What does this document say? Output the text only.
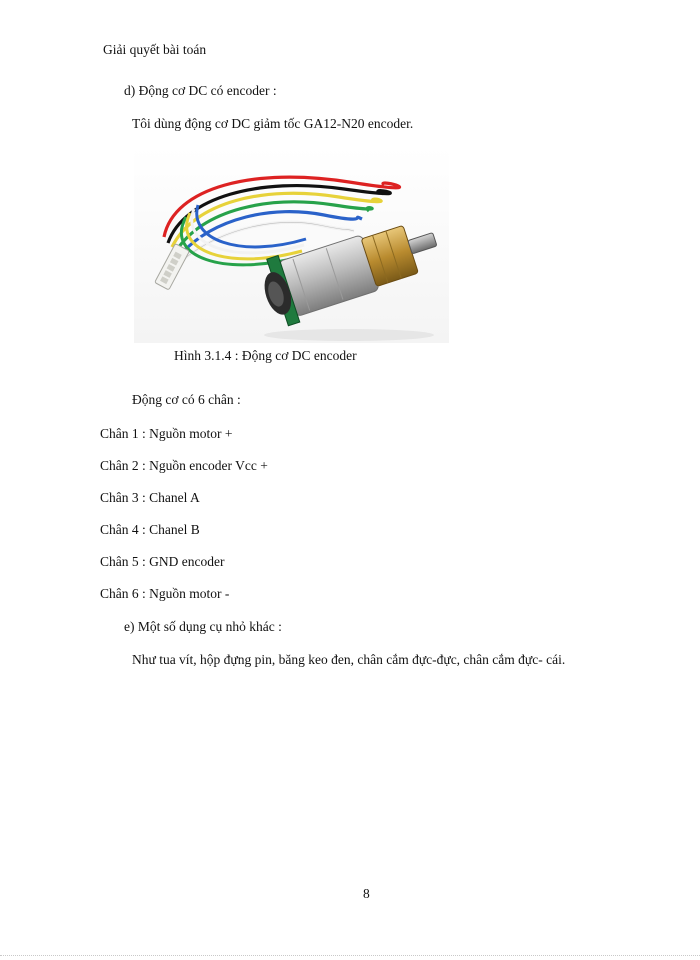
Giải quyết bài toán
d) Động cơ DC có encoder :
Tôi dùng động cơ DC giảm tốc GA12-N20 encoder.
Hình 3.1.4 : Động cơ DC encoder
Động cơ có 6 chân :
Chân 1 : Nguồn motor +
Chân 2 : Nguồn encoder Vcc +
Chân 3 : Chanel A
Chân 4 : Chanel B
Chân 5 : GND encoder
Chân 6 : Nguồn motor -
e) Một số dụng cụ nhỏ khác :
Như tua vít, hộp đựng pin, băng keo đen, chân cắm đực-đực, chân cắm đực- cái.
8
